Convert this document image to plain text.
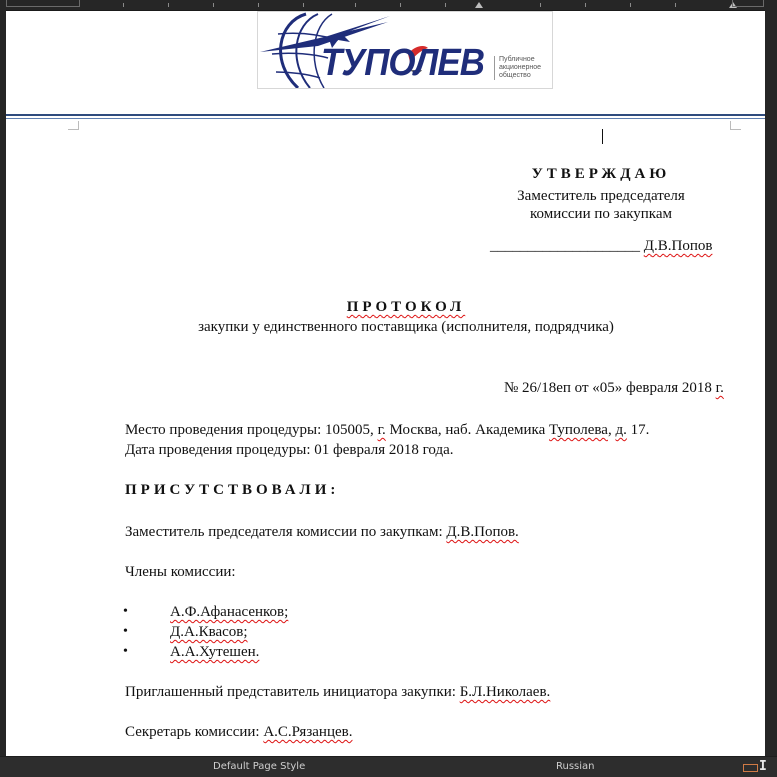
ТУПОЛЕВ Публичное
акционерное
общество
УТВЕРЖДАЮ
Заместитель председателя
комиссии по закупкам
____________________ Д.В.Попов
ПРОТОКОЛ
закупки у единственного поставщика (исполнителя, подрядчика)
№ 26/18еп от «05» февраля 2018 г.
Место проведения процедуры: 105005, г. Москва, наб. Академика Туполева, д. 17.
Дата проведения процедуры: 01 февраля 2018 года.
ПРИСУТСТВОВАЛИ:
Заместитель председателя комиссии по закупкам: Д.В.Попов.
Члены комиссии:
•	А.Ф.Афанасенков;
•	Д.А.Квасов;
•	А.А.Хутешен.
Приглашенный представитель инициатора закупки: Б.Л.Николаев.
Секретарь комиссии: А.С.Рязанцев.
Default Page Style	Russian	I
